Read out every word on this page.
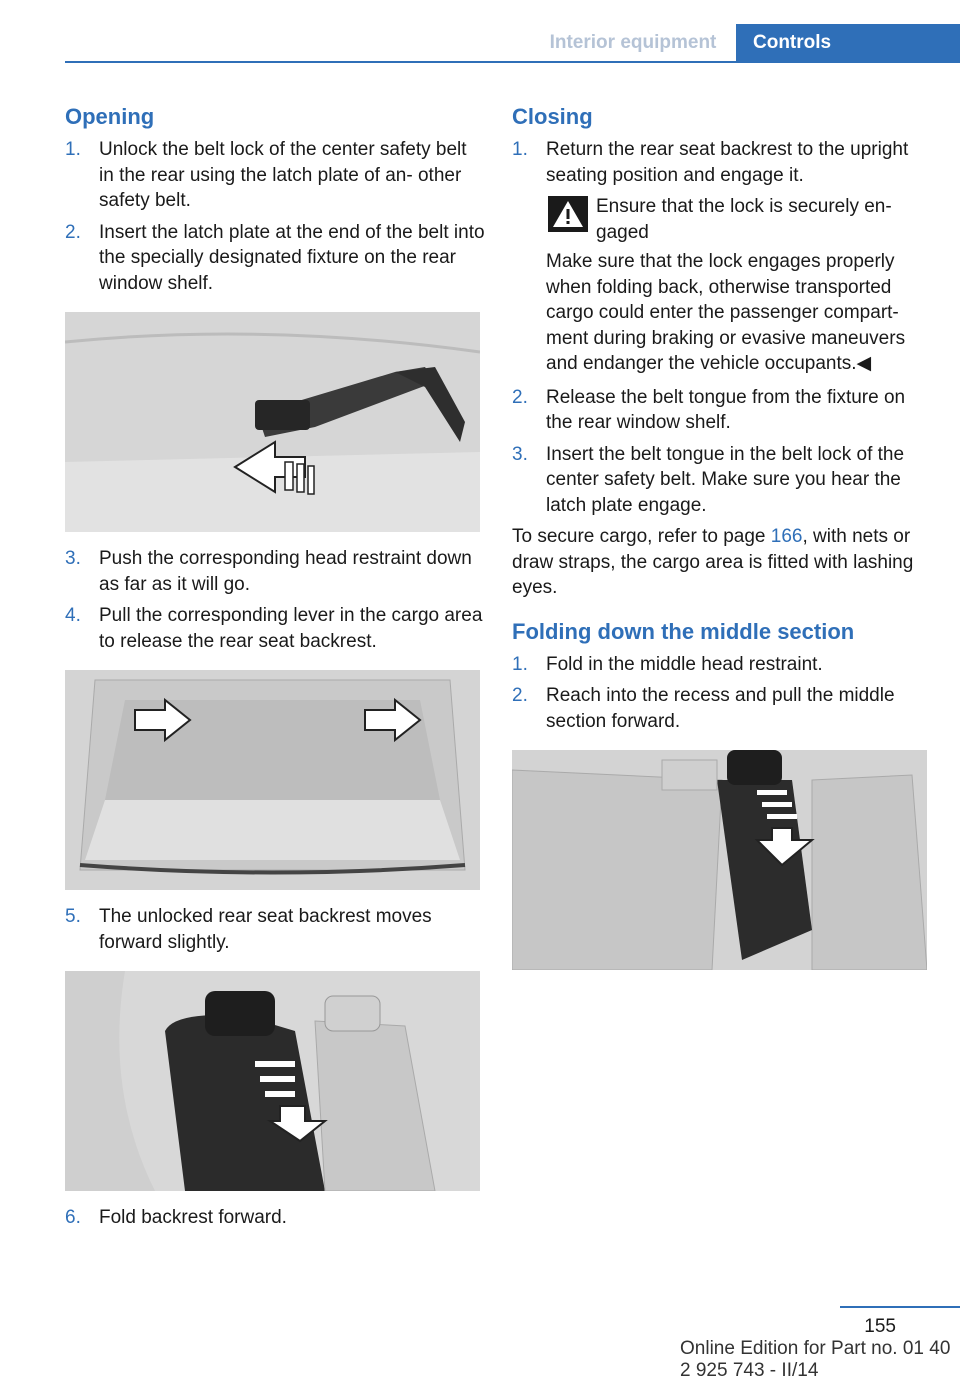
Interior equipment	Controls
Opening
1. Unlock the belt lock of the center safety belt in the rear using the latch plate of an‐ other safety belt.
2. Insert the latch plate at the end of the belt into the specially designated fixture on the rear window shelf.
3. Push the corresponding head restraint down as far as it will go.
4. Pull the corresponding lever in the cargo area to release the rear seat backrest.
5. The unlocked rear seat backrest moves forward slightly.
6. Fold backrest forward.
Closing
1. Return the rear seat backrest to the upright seating position and engage it.
Ensure that the lock is securely en‐ gaged

Make sure that the lock engages properly when folding back, otherwise transported cargo could enter the passenger compart‐ ment during braking or evasive maneuvers and endanger the vehicle occupants.◀

2. Release the belt tongue from the fixture on the rear window shelf.
3. Insert the belt tongue in the belt lock of the center safety belt. Make sure you hear the latch plate engage.

To secure cargo, refer to page 166, with nets or draw straps, the cargo area is fitted with lashing eyes.

Folding down the middle section
1. Fold in the middle head restraint.
2. Reach into the recess and pull the middle section forward.
155
Online Edition for Part no. 01 40 2 925 743 - II/14
